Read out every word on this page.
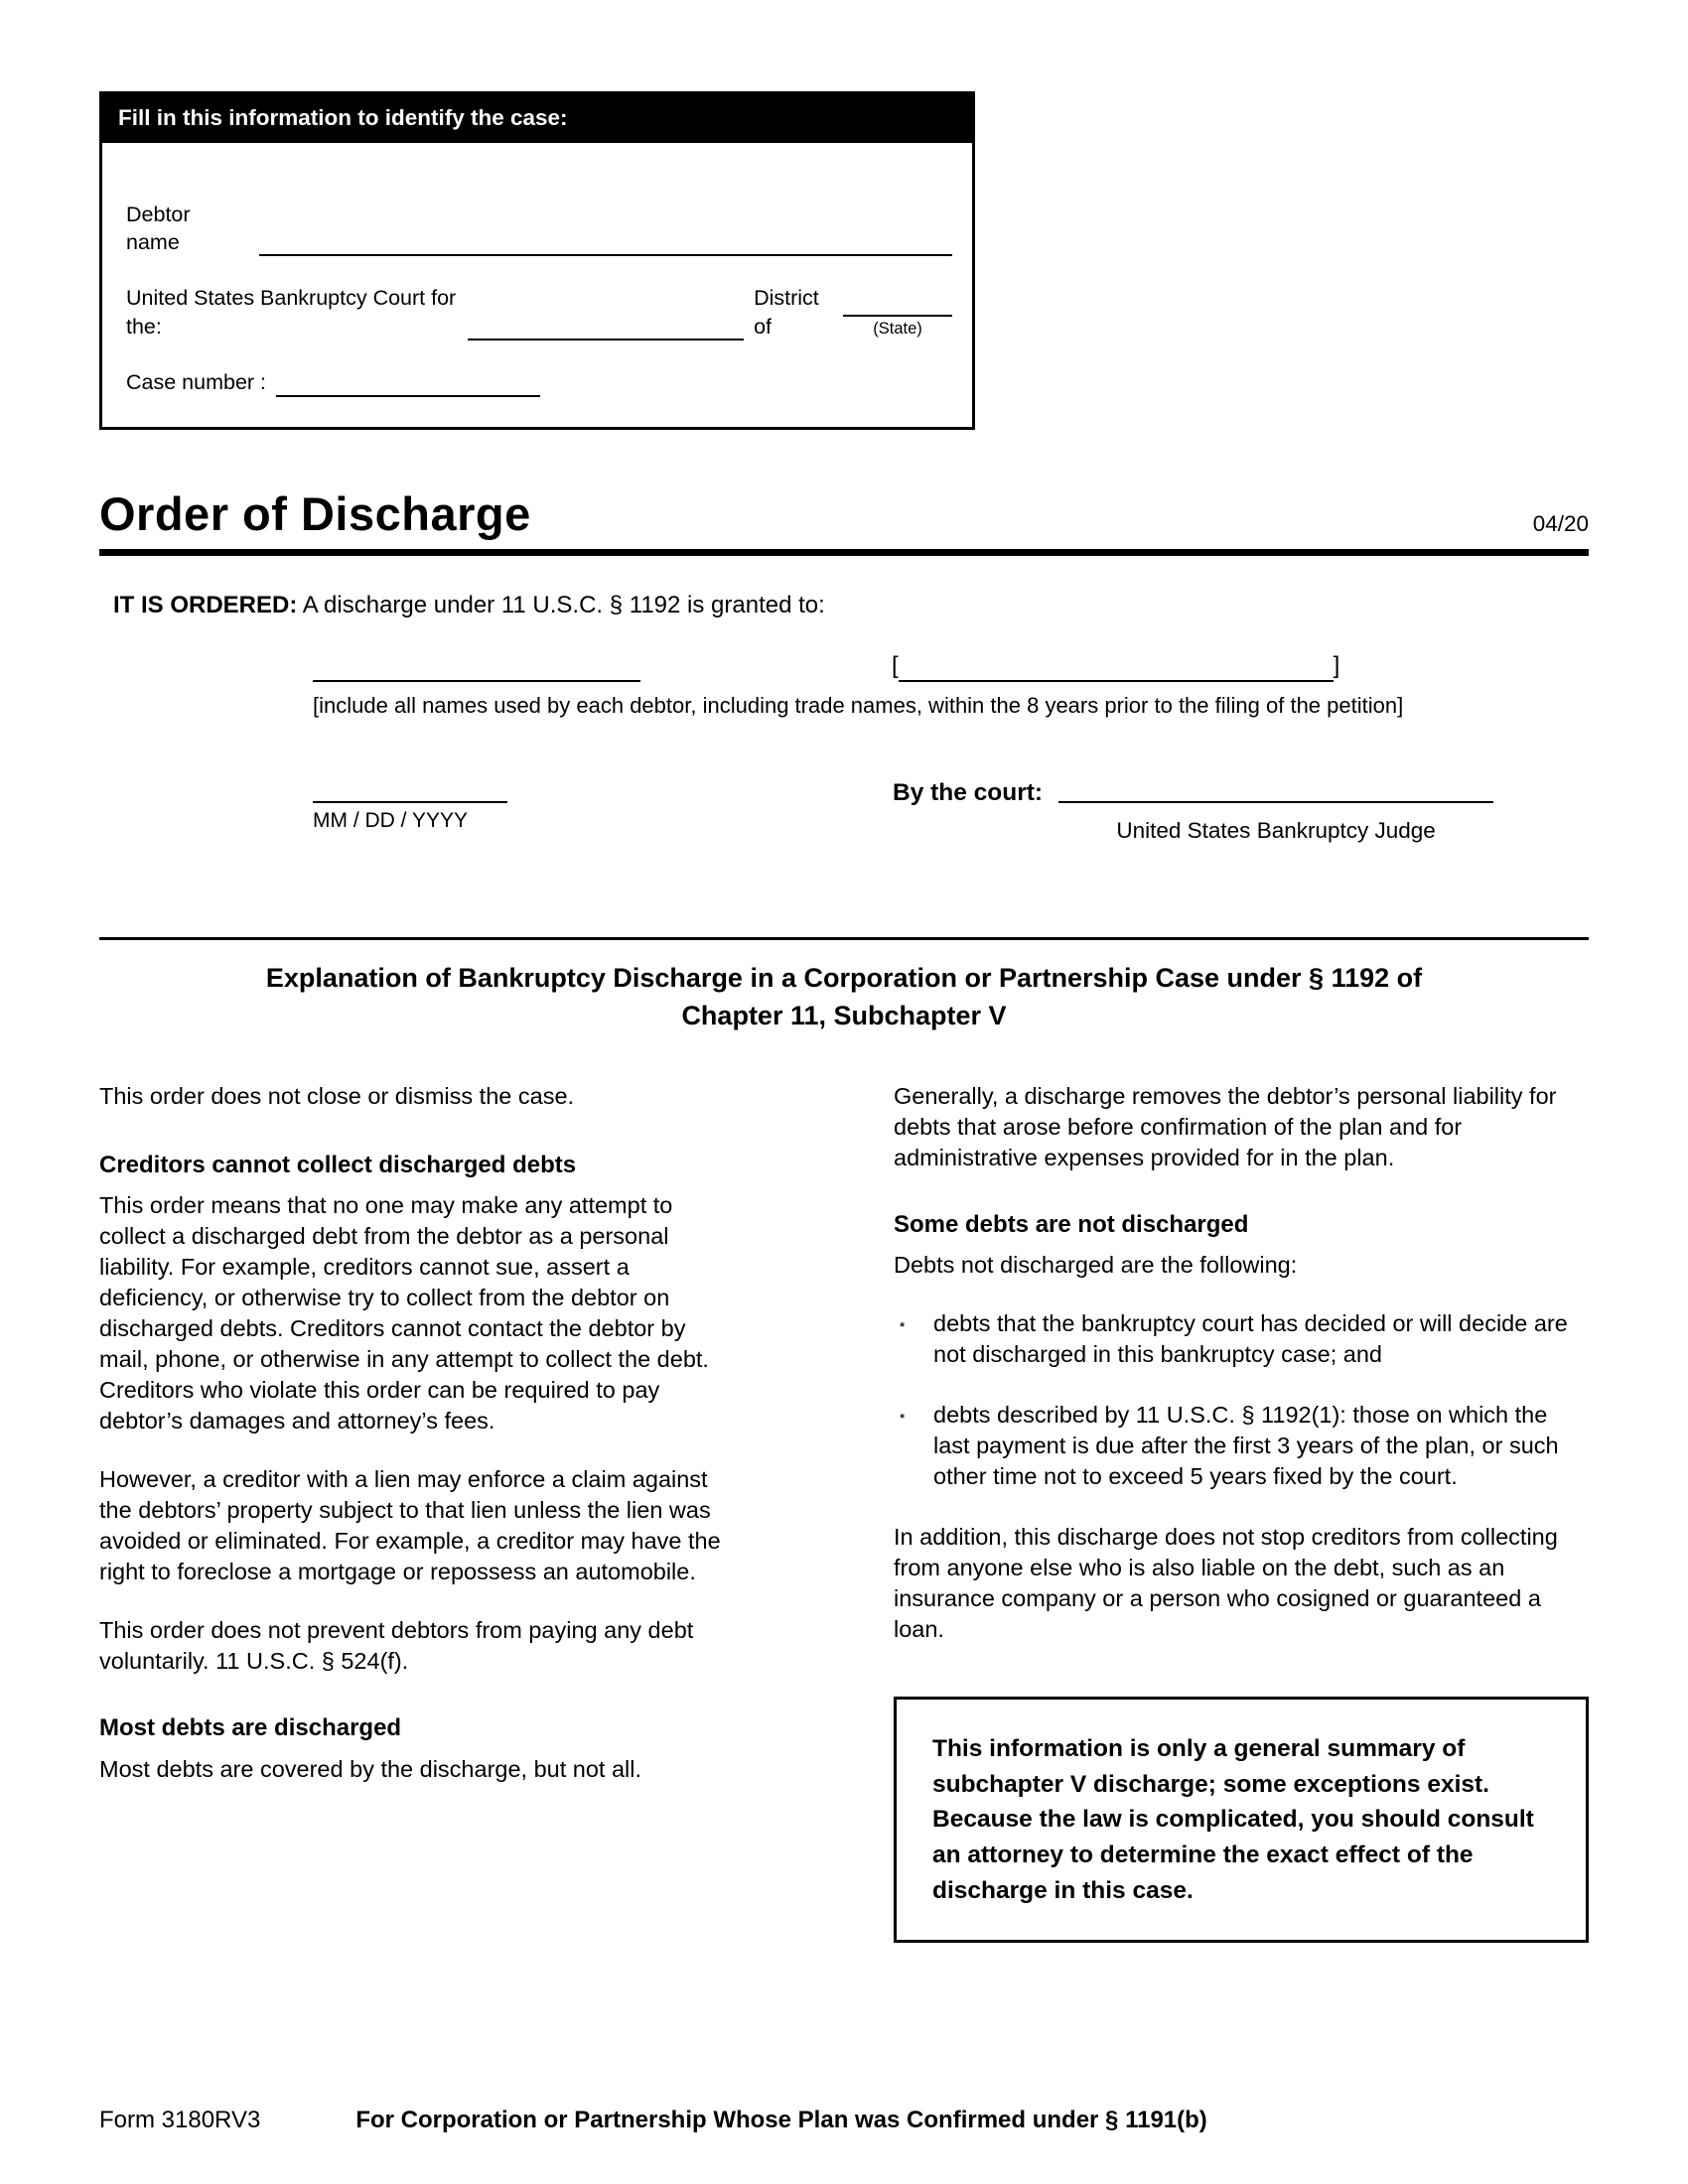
Fill in this information to identify the case:
Debtor name
United States Bankruptcy Court for the:
District of	(State)
Case number :
Order of Discharge	04/20
IT IS ORDERED: A discharge under 11 U.S.C. § 1192 is granted to:
[	]
[include all names used by each debtor, including trade names, within the 8 years prior to the filing of the petition]
MM / DD / YYYY
By the court:
United States Bankruptcy Judge
Explanation of Bankruptcy Discharge in a Corporation or Partnership Case under § 1192 of Chapter 11, Subchapter V

This order does not close or dismiss the case.

Creditors cannot collect discharged debts

This order means that no one may make any attempt to collect a discharged debt from the debtor as a personal liability. For example, creditors cannot sue, assert a deficiency, or otherwise try to collect from the debtor on discharged debts. Creditors cannot contact the debtor by mail, phone, or otherwise in any attempt to collect the debt. Creditors who violate this order can be required to pay debtor’s damages and attorney’s fees.

However, a creditor with a lien may enforce a claim against the debtors’ property subject to that lien unless the lien was avoided or eliminated. For example, a creditor may have the right to foreclose a mortgage or repossess an automobile.

This order does not prevent debtors from paying any debt voluntarily. 11 U.S.C. § 524(f).

Most debts are discharged

Most debts are covered by the discharge, but not all.

Generally, a discharge removes the debtor’s personal liability for debts that arose before confirmation of the plan and for administrative expenses provided for in the plan.

Some debts are not discharged

Debts not discharged are the following:

▪	debts that the bankruptcy court has decided or will decide are not discharged in this bankruptcy case; and
▪	debts described by 11 U.S.C. § 1192(1): those on which the last payment is due after the first 3 years of the plan, or such other time not to exceed 5 years fixed by the court.

In addition, this discharge does not stop creditors from collecting from anyone else who is also liable on the debt, such as an insurance company or a person who cosigned or guaranteed a loan.

This information is only a general summary of subchapter V discharge; some exceptions exist. Because the law is complicated, you should consult an attorney to determine the exact effect of the discharge in this case.
Form 3180RV3	For Corporation or Partnership Whose Plan was Confirmed under § 1191(b)
